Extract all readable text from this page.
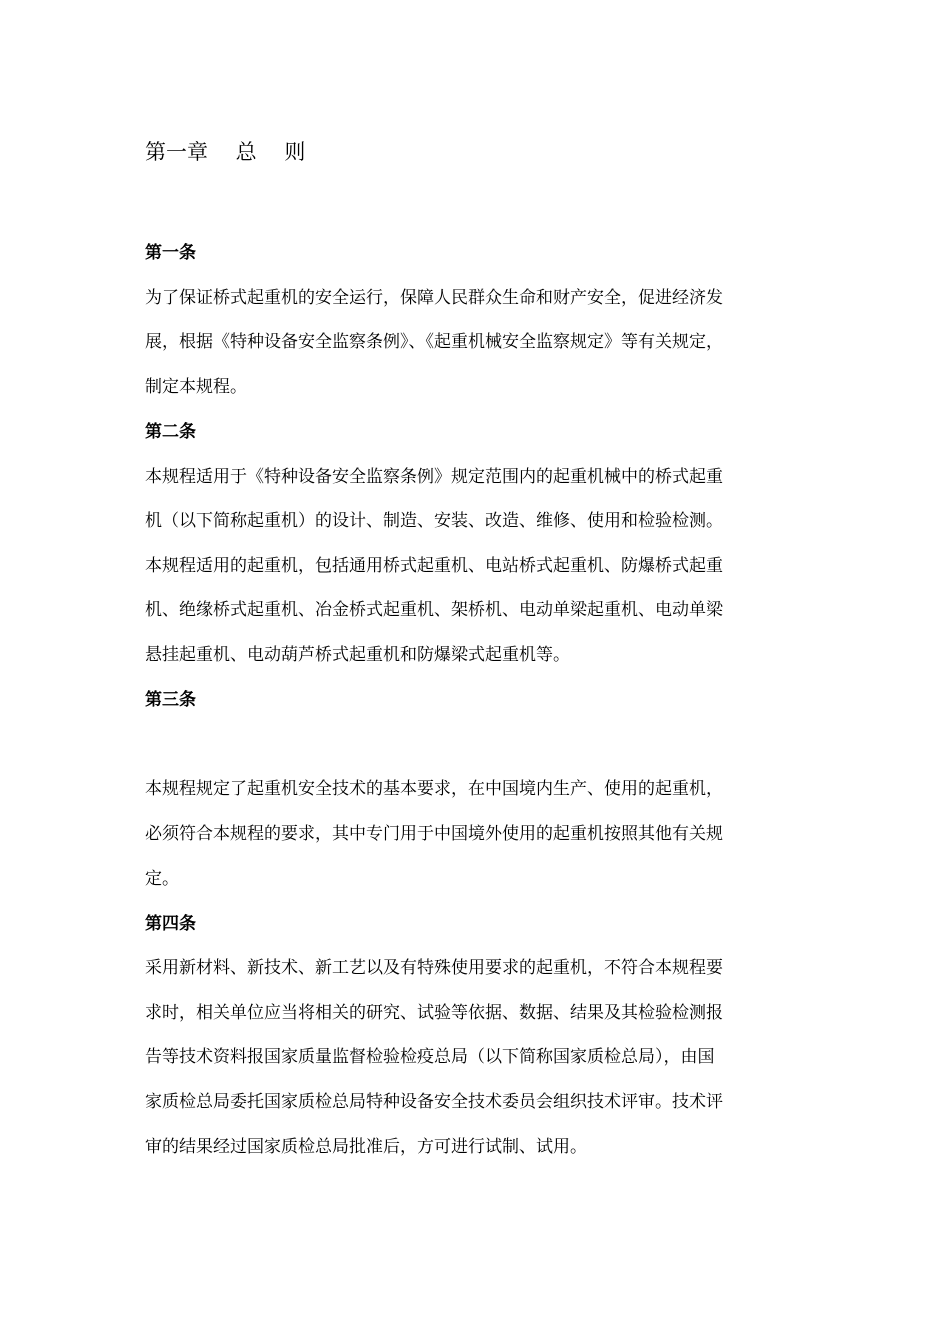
第一章　 总　 则
第一条

为了保证桥式起重机的安全运行，保障人民群众生命和财产安全，促进经济发

展，根据《特种设备安全监察条例》、《起重机械安全监察规定》等有关规定，

制定本规程。

第二条

本规程适用于《特种设备安全监察条例》规定范围内的起重机械中的桥式起重

机（以下简称起重机）的设计、制造、安装、改造、维修、使用和检验检测。

本规程适用的起重机，包括通用桥式起重机、电站桥式起重机、防爆桥式起重

机、绝缘桥式起重机、冶金桥式起重机、架桥机、电动单梁起重机、电动单梁

悬挂起重机、电动葫芦桥式起重机和防爆梁式起重机等。

第三条

本规程规定了起重机安全技术的基本要求，在中国境内生产、使用的起重机，

必须符合本规程的要求，其中专门用于中国境外使用的起重机按照其他有关规

定。

第四条

采用新材料、新技术、新工艺以及有特殊使用要求的起重机，不符合本规程要

求时，相关单位应当将相关的研究、试验等依据、数据、结果及其检验检测报

告等技术资料报国家质量监督检验检疫总局（以下简称国家质检总局），由国

家质检总局委托国家质检总局特种设备安全技术委员会组织技术评审。技术评

审的结果经过国家质检总局批准后，方可进行试制、试用。
